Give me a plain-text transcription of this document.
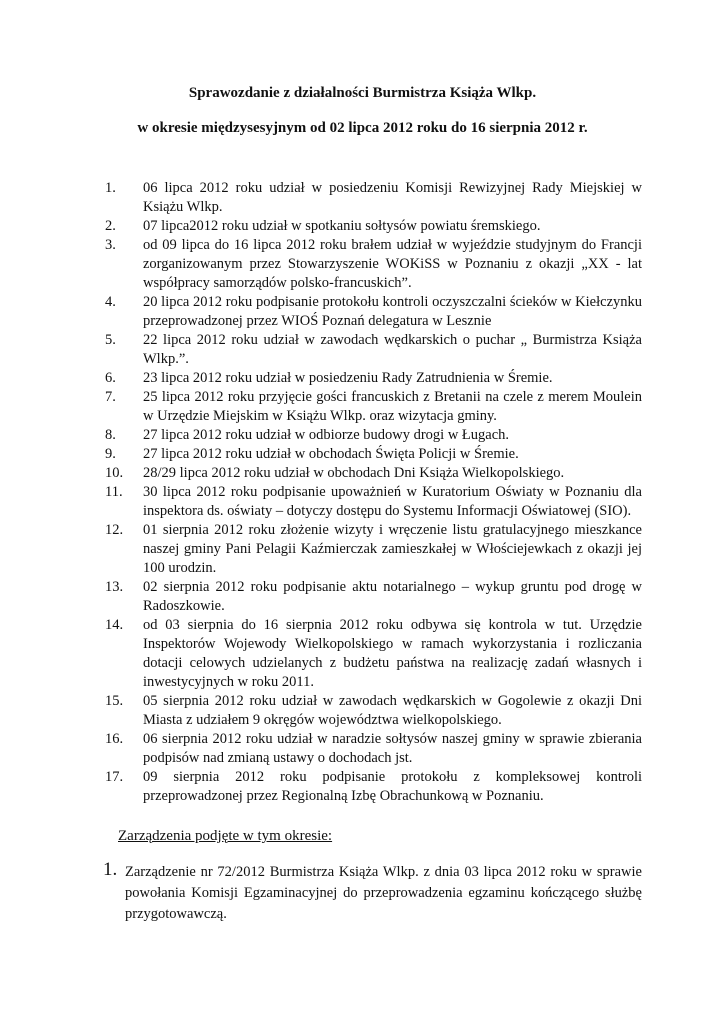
Sprawozdanie z działalności Burmistrza Książa Wlkp.
w okresie międzysesyjnym od 02 lipca 2012 roku do 16 sierpnia 2012 r.
1. 06 lipca 2012 roku udział w posiedzeniu Komisji Rewizyjnej Rady Miejskiej w Książu Wlkp.
2. 07 lipca2012 roku udział w spotkaniu sołtysów powiatu śremskiego.
3. od 09 lipca do 16 lipca 2012 roku brałem udział w wyjeździe studyjnym do Francji zorganizowanym przez Stowarzyszenie WOKiSS w Poznaniu z okazji „XX - lat współpracy samorządów polsko-francuskich”.
4. 20 lipca 2012 roku podpisanie protokołu kontroli oczyszczalni ścieków w Kiełczynku przeprowadzonej przez WIOŚ Poznań delegatura w Lesznie
5. 22 lipca 2012 roku udział w zawodach wędkarskich o puchar „ Burmistrza Książa Wlkp.”.
6. 23 lipca 2012 roku udział w posiedzeniu Rady Zatrudnienia w Śremie.
7. 25 lipca 2012 roku przyjęcie gości francuskich z Bretanii na czele z merem Moulein w Urzędzie Miejskim w Książu Wlkp. oraz wizytacja gminy.
8. 27 lipca 2012 roku udział w odbiorze budowy drogi w Ługach.
9. 27 lipca 2012 roku udział w obchodach Święta Policji w Śremie.
10. 28/29 lipca 2012 roku udział w obchodach Dni Książa Wielkopolskiego.
11. 30 lipca 2012 roku podpisanie upoważnień w Kuratorium Oświaty w Poznaniu dla inspektora ds. oświaty – dotyczy dostępu do Systemu Informacji Oświatowej (SIO).
12. 01 sierpnia 2012 roku złożenie wizyty i wręczenie listu gratulacyjnego mieszkance naszej gminy Pani Pelagii Kaźmierczak zamieszkałej w Włościejewkach z okazji jej 100 urodzin.
13. 02 sierpnia 2012 roku podpisanie aktu notarialnego – wykup gruntu pod drogę w Radoszkowie.
14. od 03 sierpnia do 16 sierpnia 2012 roku odbywa się kontrola w tut. Urzędzie Inspektorów Wojewody Wielkopolskiego w ramach wykorzystania i rozliczania dotacji celowych udzielanych z budżetu państwa na realizację zadań własnych i inwestycyjnych w roku 2011.
15. 05 sierpnia 2012 roku udział w zawodach wędkarskich w Gogolewie z okazji Dni Miasta z udziałem 9 okręgów województwa wielkopolskiego.
16. 06 sierpnia 2012 roku udział w naradzie sołtysów naszej gminy w sprawie zbierania podpisów nad zmianą ustawy o dochodach jst.
17. 09 sierpnia 2012 roku podpisanie protokołu z kompleksowej kontroli przeprowadzonej przez Regionalną Izbę Obrachunkową w Poznaniu.
Zarządzenia podjęte w tym okresie:
1. Zarządzenie nr 72/2012 Burmistrza Książa Wlkp. z dnia 03 lipca 2012 roku w sprawie powołania Komisji Egzaminacyjnej do przeprowadzenia egzaminu kończącego służbę przygotowawczą.
